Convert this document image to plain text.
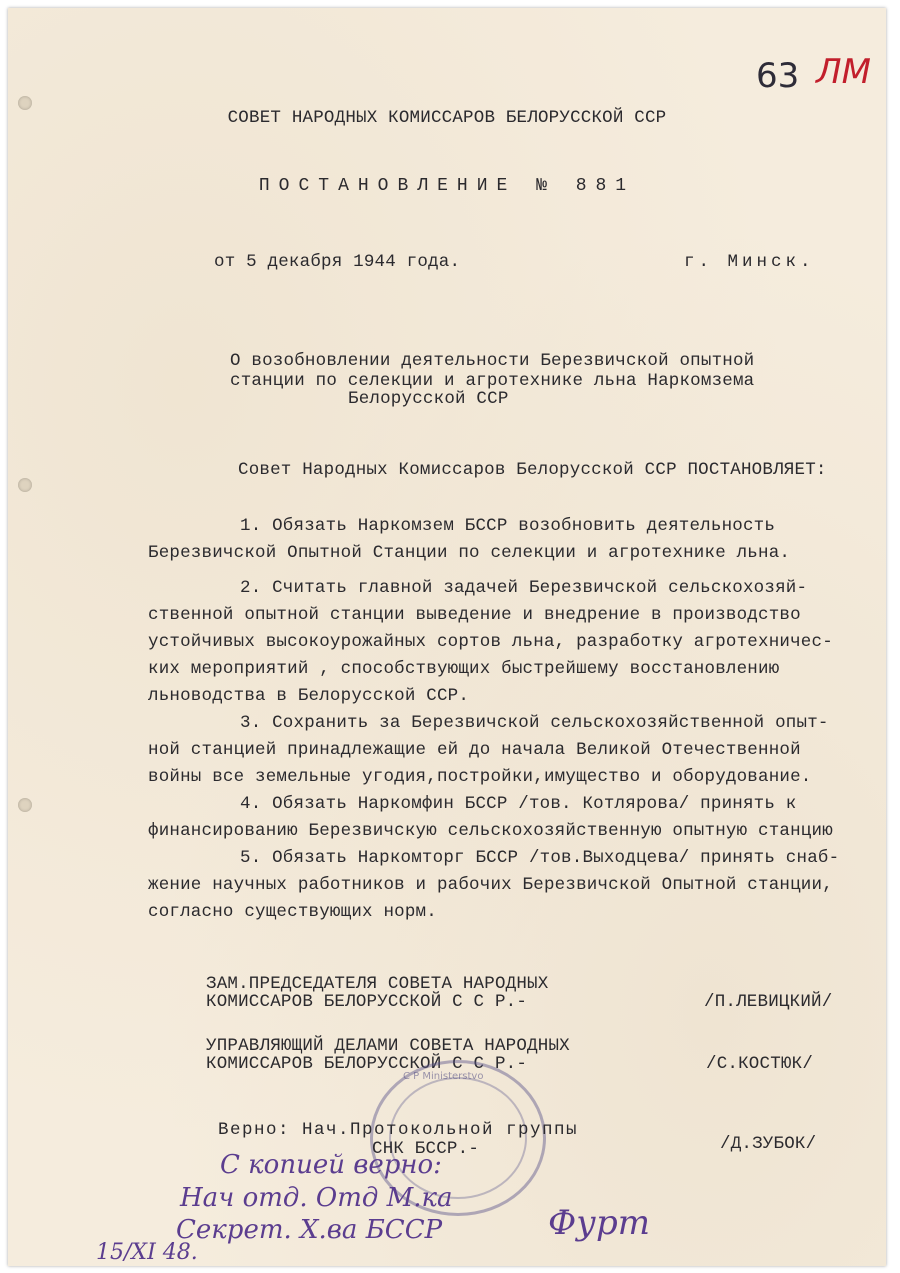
63 ЛМ
СОВЕТ НАРОДНЫХ КОМИССАРОВ БЕЛОРУССКОЙ ССР
ПОСТАНОВЛЕНИЕ № 881
от 5 декабря 1944 года.	г. Минск.
О возобновлении деятельности Березвичской опытной
станции по селекции и агротехнике льна Наркомзема
Белорусской ССР
Совет Народных Комиссаров Белорусской ССР ПОСТАНОВЛЯЕТ:
1. Обязать Наркомзем БССР возобновить деятельность
Березвичской Опытной Станции по селекции и агротехнике льна.
2. Считать главной задачей Березвичской сельскохозяй-
ственной опытной станции выведение и внедрение в производство
устойчивых высокоурожайных сортов льна, разработку агротехничес-
ких мероприятий , способствующих быстрейшему восстановлению
льноводства в Белорусской ССР.
3. Сохранить за Березвичской сельскохозяйственной опыт-
ной станцией принадлежащие ей до начала Великой Отечественной
войны все земельные угодия,постройки,имущество и оборудование.
4. Обязать Наркомфин БССР /тов. Котлярова/ принять к
финансированию Березвичскую сельскохозяйственную опытную станцию
5. Обязать Наркомторг БССР /тов.Выходцева/ принять снаб-
жение научных работников и рабочих Березвичской Опытной станции,
согласно существующих норм.
ЗАМ.ПРЕДСЕДАТЕЛЯ СОВЕТА НАРОДНЫХ
КОМИССАРОВ БЕЛОРУССКОЙ С С Р.-	/П.ЛЕВИЦКИЙ/
УПРАВЛЯЮЩИЙ ДЕЛАМИ СОВЕТА НАРОДНЫХ
КОМИССАРОВ БЕЛОРУССКОЙ С С Р.-	/С.КОСТЮК/
С Р Ministerstvo
Верно: Нач.Протокольной группы
СНК БССР.-	/Д.ЗУБОК/
С копией верно:
Нач отд. Отд М.ка
Секрет. Х.ва БССР	Фурт
15/XI 48.
